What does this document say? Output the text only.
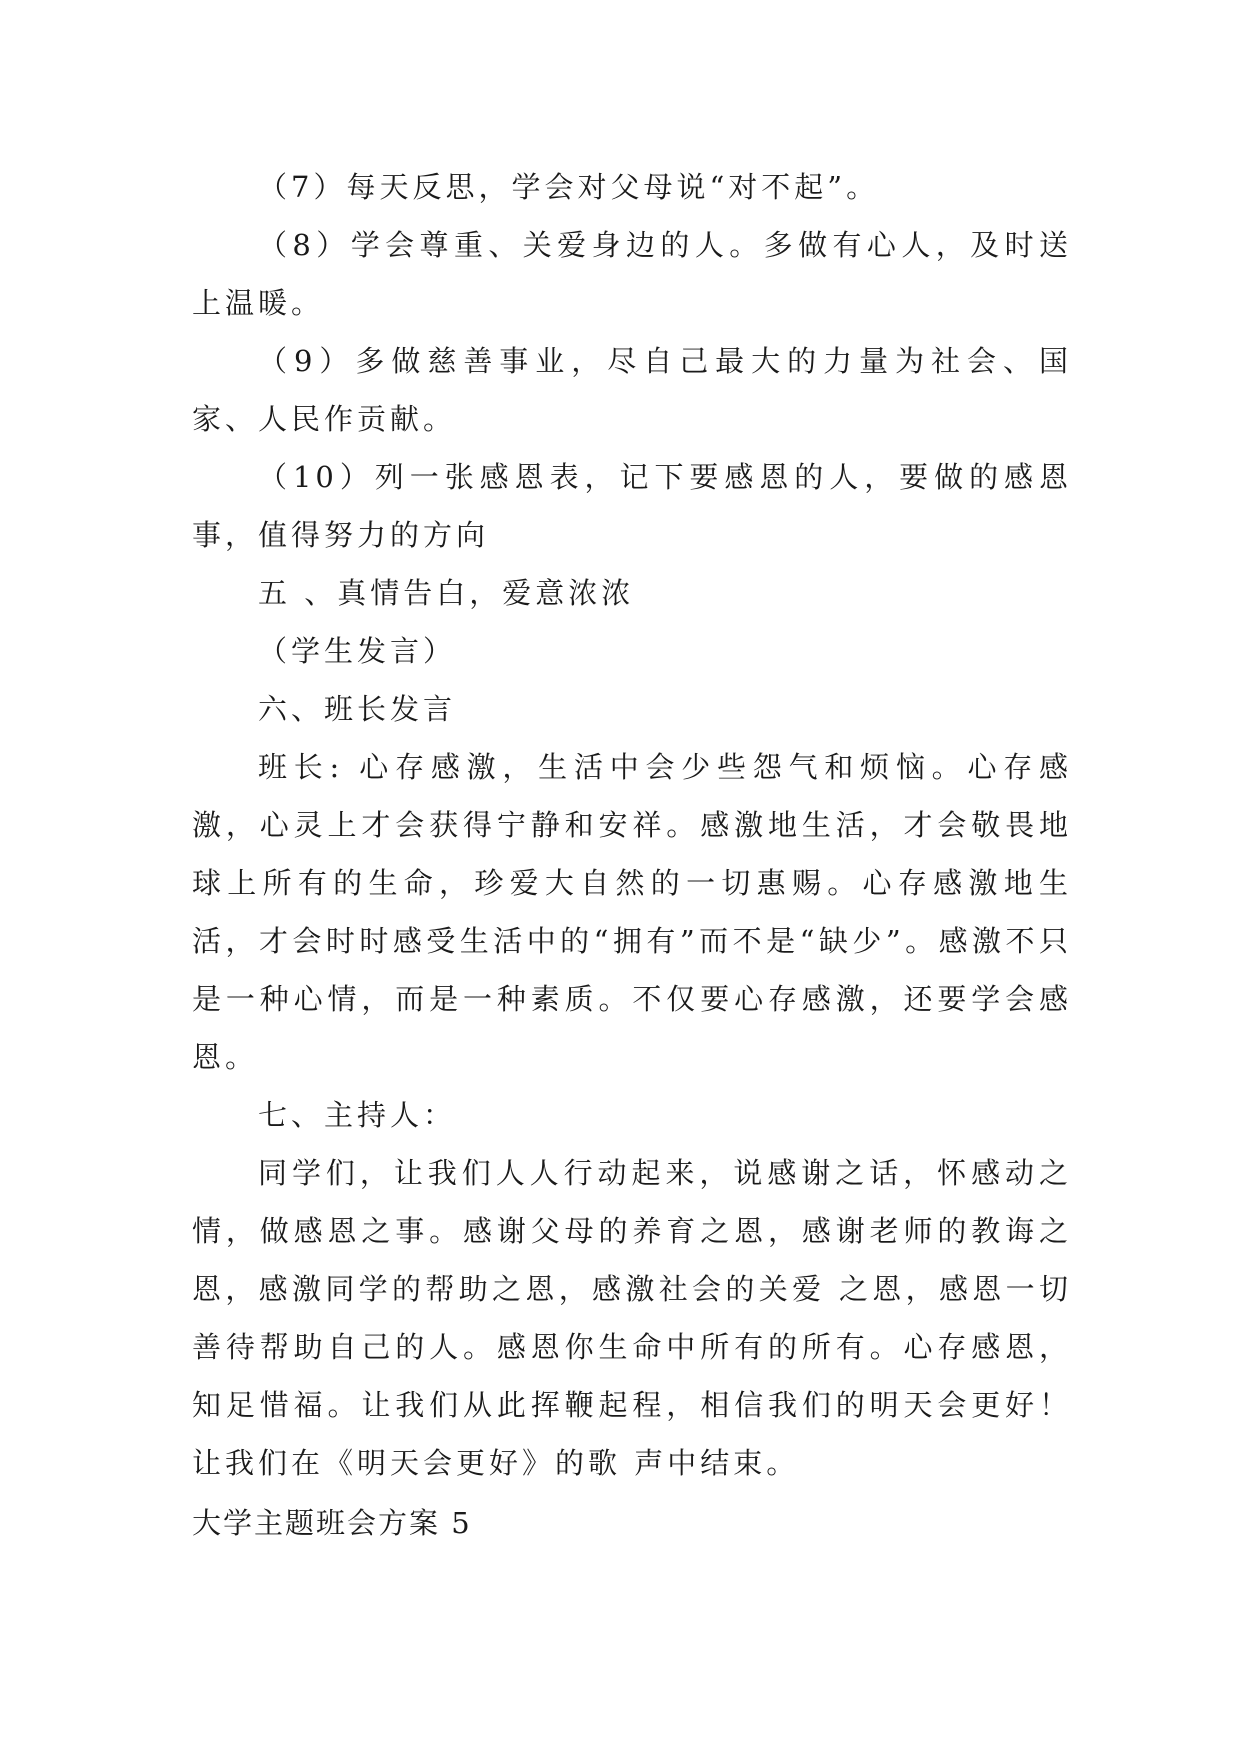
（7）每天反思，学会对父母说“对不起”。

（8）学会尊重、关爱身边的人。多做有心人，及时送上温暖。

（9）多做慈善事业，尽自己最大的力量为社会、国家、人民作贡献。

（10）列一张感恩表，记下要感恩的人，要做的感恩事，值得努力的方向

五 、真情告白，爱意浓浓

（学生发言）

六、班长发言

班长: 心存感激，生活中会少些怨气和烦恼。心存感激，心灵上才会获得宁静和安祥。感激地生活，才会敬畏地球上所有的生命，珍爱大自然的一切惠赐。心存感激地生活，才会时时感受生活中的“拥有”而不是“缺少”。感激不只是一种心情，而是一种素质。不仅要心存感激，还要学会感恩。

七、主持人：

同学们，让我们人人行动起来，说感谢之话，怀感动之情，做感恩之事。感谢父母的养育之恩，感谢老师的教诲之恩，感激同学的帮助之恩，感激社会的关爱 之恩，感恩一切善待帮助自己的人。感恩你生命中所有的所有。心存感恩，知足惜福。让我们从此挥鞭起程，相信我们的明天会更好！让我们在《明天会更好》的歌 声中结束。

大学主题班会方案 5
